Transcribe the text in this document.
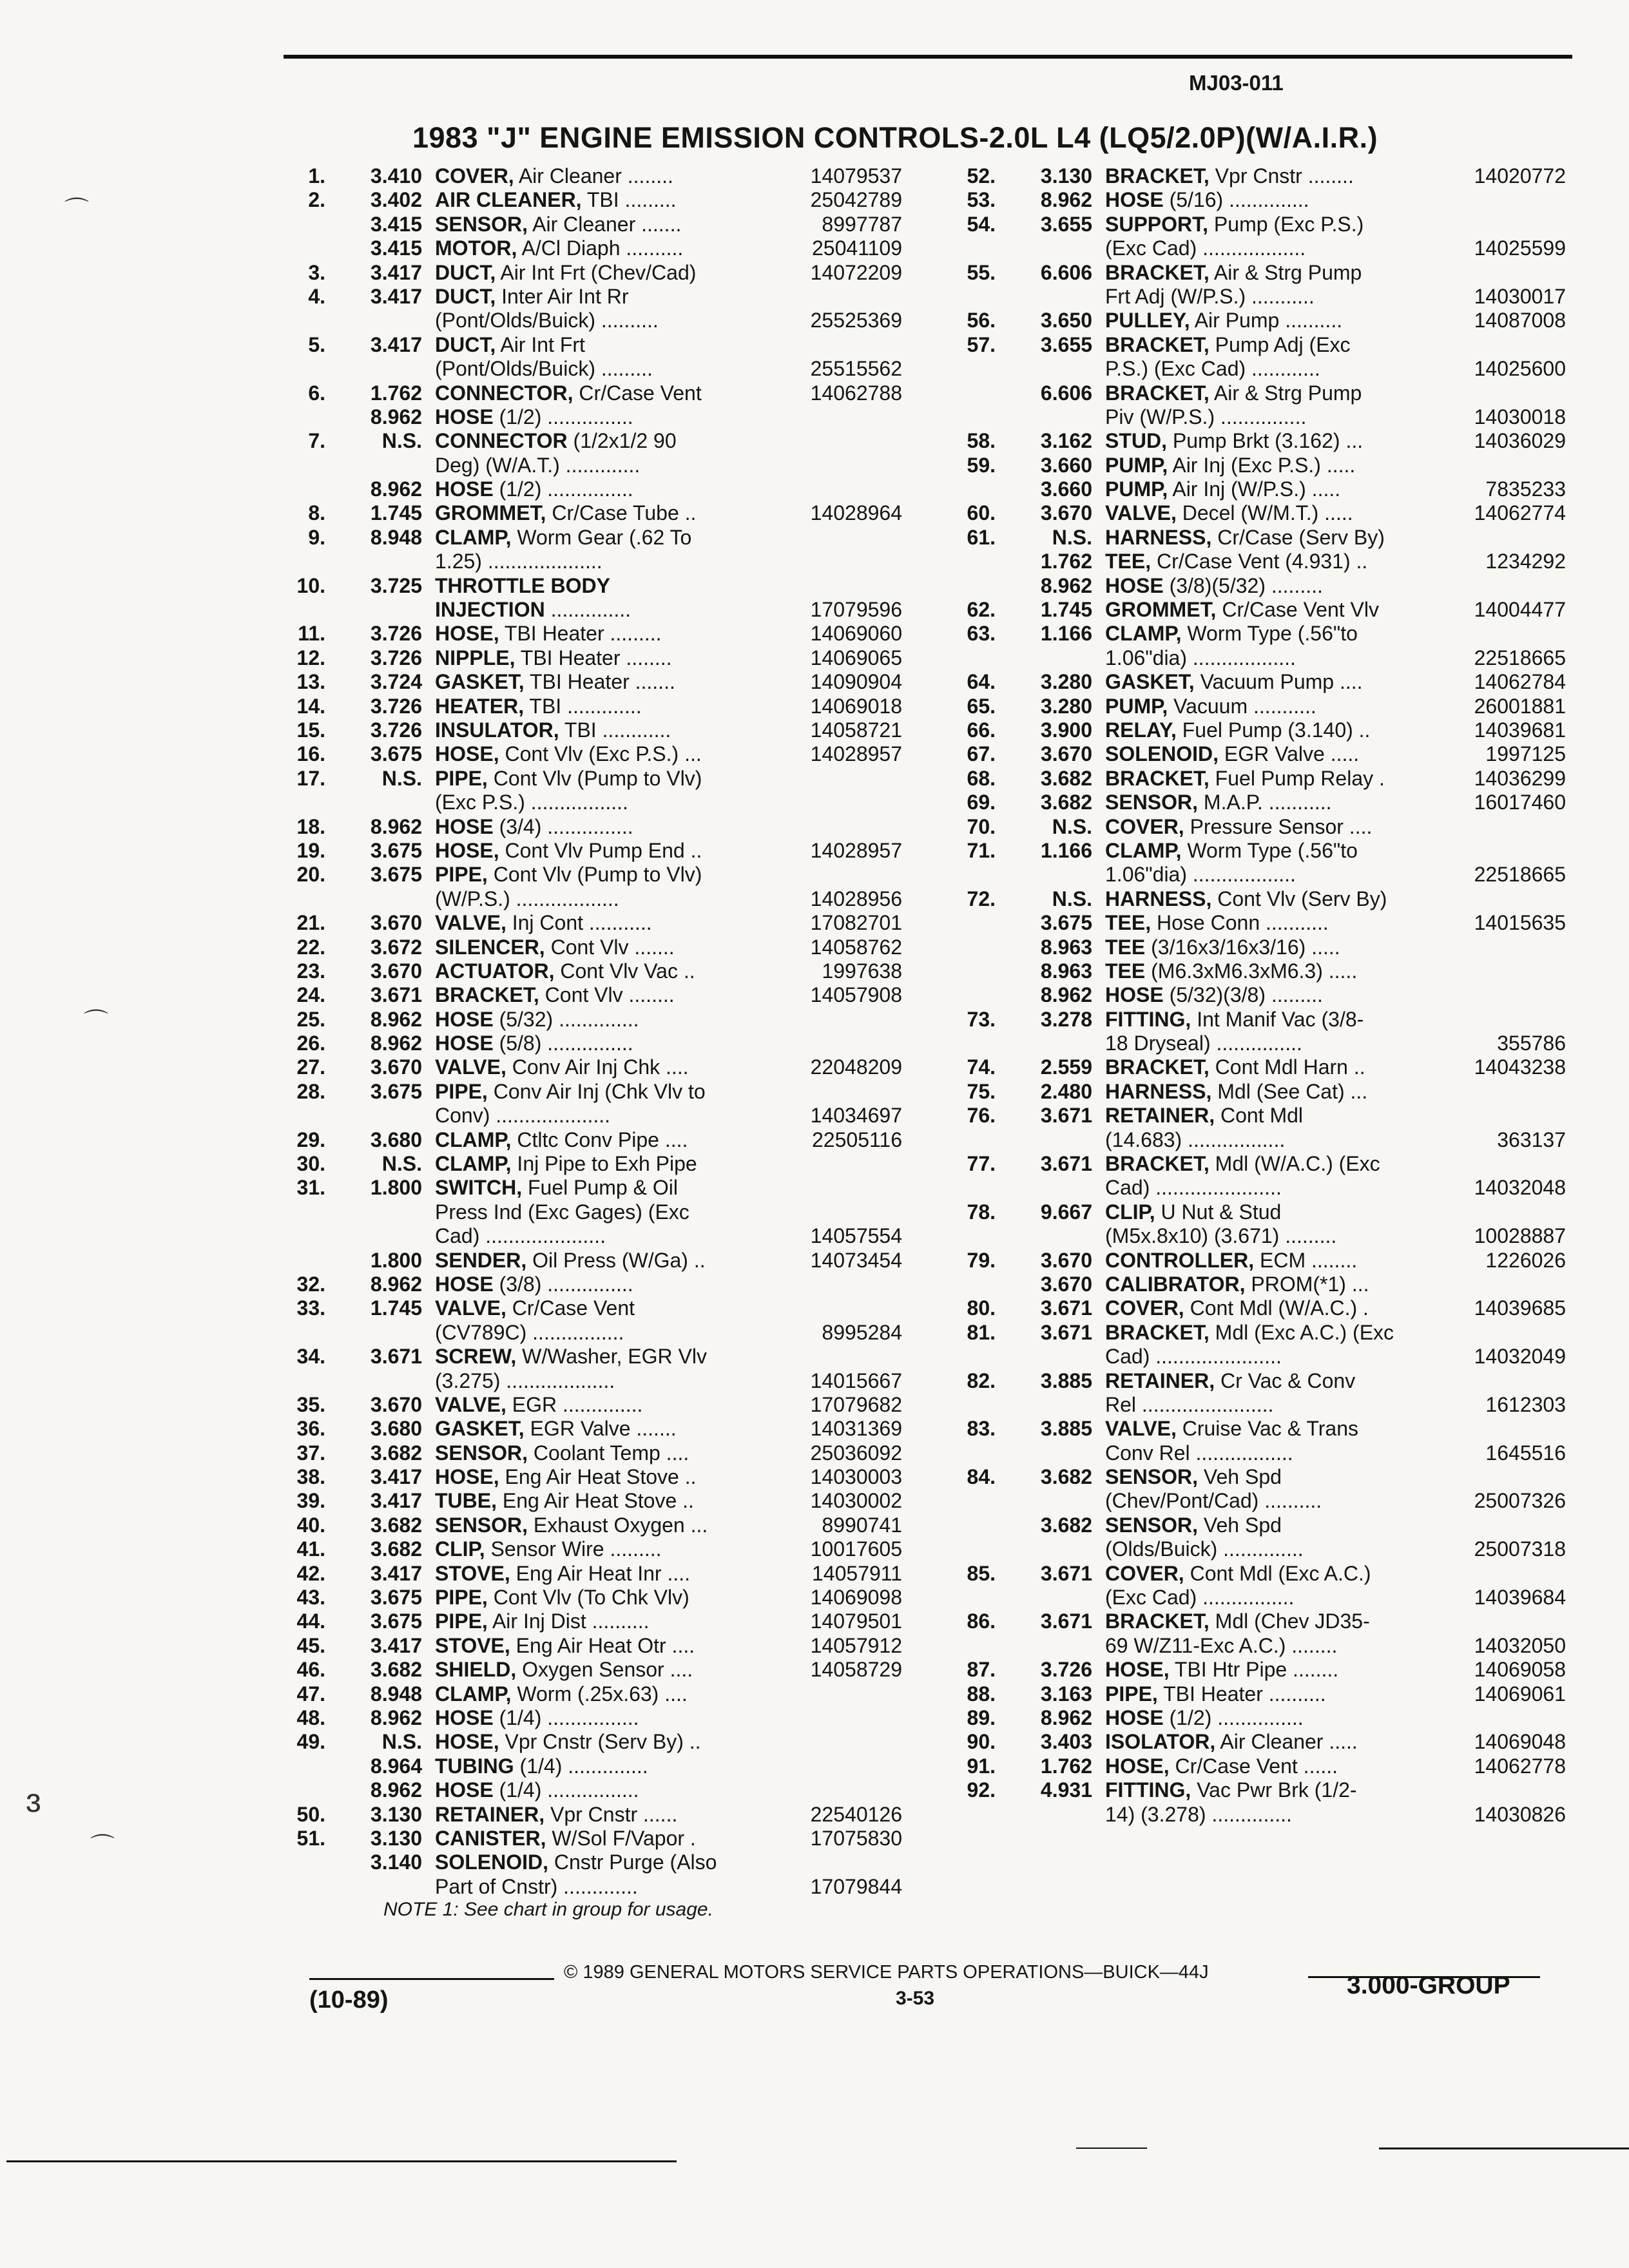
⌒
⌒
⌒
ɜ
MJ03-011
1983 "J" ENGINE EMISSION CONTROLS-2.0L L4 (LQ5/2.0P)(W/A.I.R.)
1.	3.410 COVER, Air Cleaner ........	14079537
2.	3.402 AIR CLEANER, TBI .........	25042789
3.415 SENSOR, Air Cleaner .......	8997787
3.415 MOTOR, A/Cl Diaph ..........	25041109
3.	3.417 DUCT, Air Int Frt (Chev/Cad)	14072209
4.	3.417 DUCT, Inter Air Int Rr
(Pont/Olds/Buick) ..........	25525369
5.	3.417 DUCT, Air Int Frt
(Pont/Olds/Buick) .........	25515562
6.	1.762 CONNECTOR, Cr/Case Vent	14062788
8.962 HOSE (1/2) ...............
7.	N.S. CONNECTOR (1/2x1/2 90
Deg) (W/A.T.) .............
8.962 HOSE (1/2) ...............
8.	1.745 GROMMET, Cr/Case Tube ..	14028964
9.	8.948 CLAMP, Worm Gear (.62 To
1.25) ....................
10.	3.725 THROTTLE BODY
INJECTION ..............	17079596
11.	3.726 HOSE, TBI Heater .........	14069060
12.	3.726 NIPPLE, TBI Heater ........	14069065
13.	3.724 GASKET, TBI Heater .......	14090904
14.	3.726 HEATER, TBI .............	14069018
15.	3.726 INSULATOR, TBI ............	14058721
16.	3.675 HOSE, Cont Vlv (Exc P.S.) ...	14028957
17.	N.S. PIPE, Cont Vlv (Pump to Vlv)
(Exc P.S.) .................
18.	8.962 HOSE (3/4) ...............
19.	3.675 HOSE, Cont Vlv Pump End ..	14028957
20.	3.675 PIPE, Cont Vlv (Pump to Vlv)
(W/P.S.) ..................	14028956
21.	3.670 VALVE, Inj Cont ...........	17082701
22.	3.672 SILENCER, Cont Vlv .......	14058762
23.	3.670 ACTUATOR, Cont Vlv Vac ..	1997638
24.	3.671 BRACKET, Cont Vlv ........	14057908
25.	8.962 HOSE (5/32) ..............
26.	8.962 HOSE (5/8) ...............
27.	3.670 VALVE, Conv Air Inj Chk ....	22048209
28.	3.675 PIPE, Conv Air Inj (Chk Vlv to
Conv) ....................	14034697
29.	3.680 CLAMP, Ctltc Conv Pipe ....	22505116
30.	N.S. CLAMP, Inj Pipe to Exh Pipe
31.	1.800 SWITCH, Fuel Pump & Oil
Press Ind (Exc Gages) (Exc
Cad) .....................	14057554
1.800 SENDER, Oil Press (W/Ga) ..	14073454
32.	8.962 HOSE (3/8) ...............
33.	1.745 VALVE, Cr/Case Vent
(CV789C) ................	8995284
34.	3.671 SCREW, W/Washer, EGR Vlv
(3.275) ...................	14015667
35.	3.670 VALVE, EGR ..............	17079682
36.	3.680 GASKET, EGR Valve .......	14031369
37.	3.682 SENSOR, Coolant Temp ....	25036092
38.	3.417 HOSE, Eng Air Heat Stove ..	14030003
39.	3.417 TUBE, Eng Air Heat Stove ..	14030002
40.	3.682 SENSOR, Exhaust Oxygen ...	8990741
41.	3.682 CLIP, Sensor Wire .........	10017605
42.	3.417 STOVE, Eng Air Heat Inr ....	14057911
43.	3.675 PIPE, Cont Vlv (To Chk Vlv)	14069098
44.	3.675 PIPE, Air Inj Dist ..........	14079501
45.	3.417 STOVE, Eng Air Heat Otr ....	14057912
46.	3.682 SHIELD, Oxygen Sensor ....	14058729
47.	8.948 CLAMP, Worm (.25x.63) ....
48.	8.962 HOSE (1/4) ................
49.	N.S. HOSE, Vpr Cnstr (Serv By) ..
8.964 TUBING (1/4) ..............
8.962 HOSE (1/4) ................
50.	3.130 RETAINER, Vpr Cnstr ......	22540126
51.	3.130 CANISTER, W/Sol F/Vapor .	17075830
3.140 SOLENOID, Cnstr Purge (Also
Part of Cnstr) .............	17079844
52.	3.130 BRACKET, Vpr Cnstr ........	14020772
53.	8.962 HOSE (5/16) ..............
54.	3.655 SUPPORT, Pump (Exc P.S.)
(Exc Cad) ..................	14025599
55.	6.606 BRACKET, Air & Strg Pump
Frt Adj (W/P.S.) ...........	14030017
56.	3.650 PULLEY, Air Pump ..........	14087008
57.	3.655 BRACKET, Pump Adj (Exc
P.S.) (Exc Cad) ............	14025600
6.606 BRACKET, Air & Strg Pump
Piv (W/P.S.) ...............	14030018
58.	3.162 STUD, Pump Brkt (3.162) ...	14036029
59.	3.660 PUMP, Air Inj (Exc P.S.) .....
3.660 PUMP, Air Inj (W/P.S.) .....	7835233
60.	3.670 VALVE, Decel (W/M.T.) .....	14062774
61.	N.S. HARNESS, Cr/Case (Serv By)
1.762 TEE, Cr/Case Vent (4.931) ..	1234292
8.962 HOSE (3/8)(5/32) .........
62.	1.745 GROMMET, Cr/Case Vent Vlv	14004477
63.	1.166 CLAMP, Worm Type (.56"to
1.06"dia) ..................	22518665
64.	3.280 GASKET, Vacuum Pump ....	14062784
65.	3.280 PUMP, Vacuum ...........	26001881
66.	3.900 RELAY, Fuel Pump (3.140) ..	14039681
67.	3.670 SOLENOID, EGR Valve .....	1997125
68.	3.682 BRACKET, Fuel Pump Relay .	14036299
69.	3.682 SENSOR, M.A.P. ...........	16017460
70.	N.S. COVER, Pressure Sensor ....
71.	1.166 CLAMP, Worm Type (.56"to
1.06"dia) ..................	22518665
72.	N.S. HARNESS, Cont Vlv (Serv By)
3.675 TEE, Hose Conn ...........	14015635
8.963 TEE (3/16x3/16x3/16) .....
8.963 TEE (M6.3xM6.3xM6.3) .....
8.962 HOSE (5/32)(3/8) .........
73.	3.278 FITTING, Int Manif Vac (3/8-
18 Dryseal) ...............	355786
74.	2.559 BRACKET, Cont Mdl Harn ..	14043238
75.	2.480 HARNESS, Mdl (See Cat) ...
76.	3.671 RETAINER, Cont Mdl
(14.683) .................	363137
77.	3.671 BRACKET, Mdl (W/A.C.) (Exc
Cad) ......................	14032048
78.	9.667 CLIP, U Nut & Stud
(M5x.8x10) (3.671) .........	10028887
79.	3.670 CONTROLLER, ECM ........	1226026
3.670 CALIBRATOR, PROM(*1) ...
80.	3.671 COVER, Cont Mdl (W/A.C.) .	14039685
81.	3.671 BRACKET, Mdl (Exc A.C.) (Exc
Cad) ......................	14032049
82.	3.885 RETAINER, Cr Vac & Conv
Rel .......................	1612303
83.	3.885 VALVE, Cruise Vac & Trans
Conv Rel .................	1645516
84.	3.682 SENSOR, Veh Spd
(Chev/Pont/Cad) ..........	25007326
3.682 SENSOR, Veh Spd
(Olds/Buick) ..............	25007318
85.	3.671 COVER, Cont Mdl (Exc A.C.)
(Exc Cad) ................	14039684
86.	3.671 BRACKET, Mdl (Chev JD35-
69 W/Z11-Exc A.C.) ........	14032050
87.	3.726 HOSE, TBI Htr Pipe ........	14069058
88.	3.163 PIPE, TBI Heater ..........	14069061
89.	8.962 HOSE (1/2) ...............
90.	3.403 ISOLATOR, Air Cleaner .....	14069048
91.	1.762 HOSE, Cr/Case Vent ......	14062778
92.	4.931 FITTING, Vac Pwr Brk (1/2-
14) (3.278) ..............	14030826
NOTE 1: See chart in group for usage.
© 1989 GENERAL MOTORS SERVICE PARTS OPERATIONS—BUICK—44J
(10-89)	3-53	3.000-GROUP
